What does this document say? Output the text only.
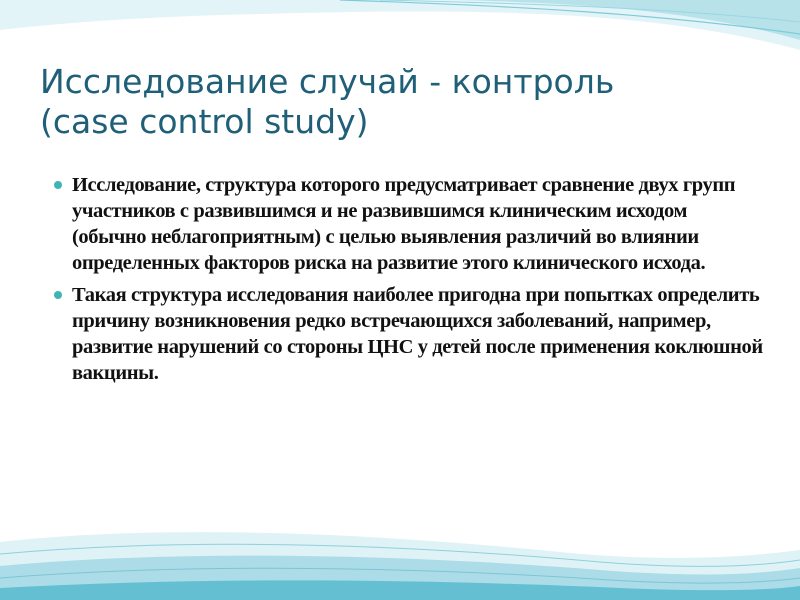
Исследование случай - контроль
(case control study)
Исследование, структура которого предусматривает сравнение двух групп участников с развившимся и не развившимся клиническим исходом (обычно неблагоприятным) с целью выявления различий во влиянии определенных факторов риска на развитие этого клинического исхода.
Такая структура исследования наиболее пригодна при попытках определить причину возникновения редко встречающихся заболеваний, например, развитие нарушений со стороны ЦНС у детей после применения коклюшной вакцины.
